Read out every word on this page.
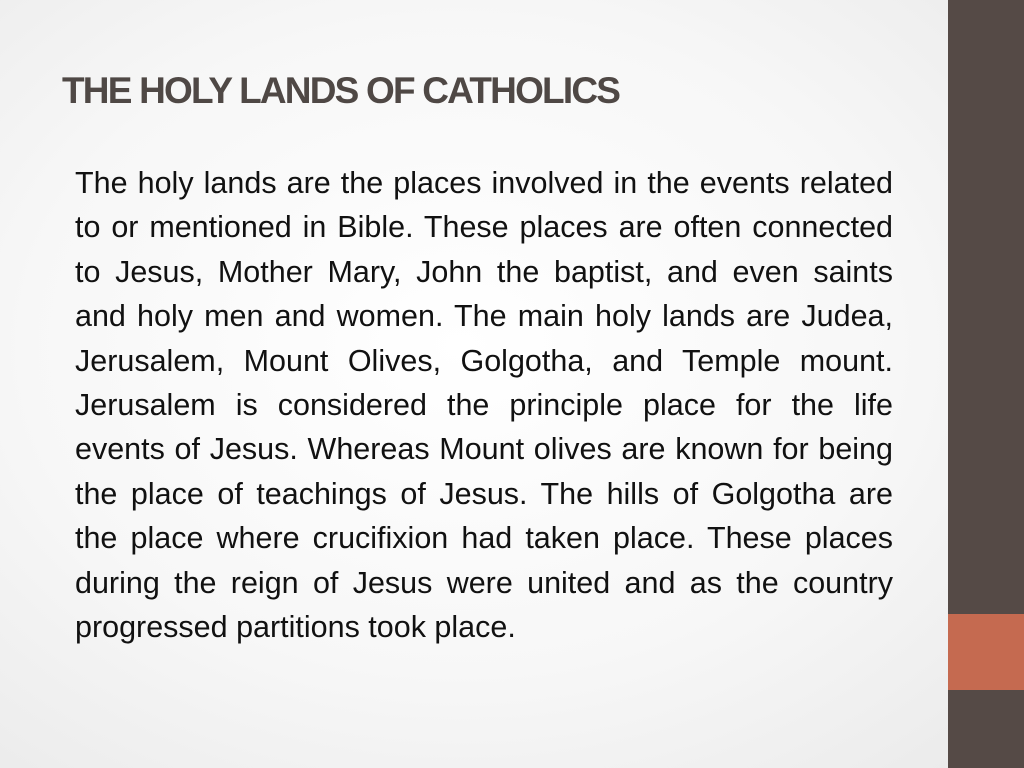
THE HOLY LANDS OF CATHOLICS

The holy lands are the places involved in the events related to or mentioned in Bible. These places are often connected to Jesus, Mother Mary, John the baptist, and even saints and holy men and women. The main holy lands are Judea, Jerusalem, Mount Olives, Golgotha, and Temple mount. Jerusalem is considered the principle place for the life events of Jesus. Whereas Mount olives are known for being the place of teachings of Jesus. The hills of Golgotha are the place where crucifixion had taken place. These places during the reign of Jesus were united and as the country progressed partitions took place.
